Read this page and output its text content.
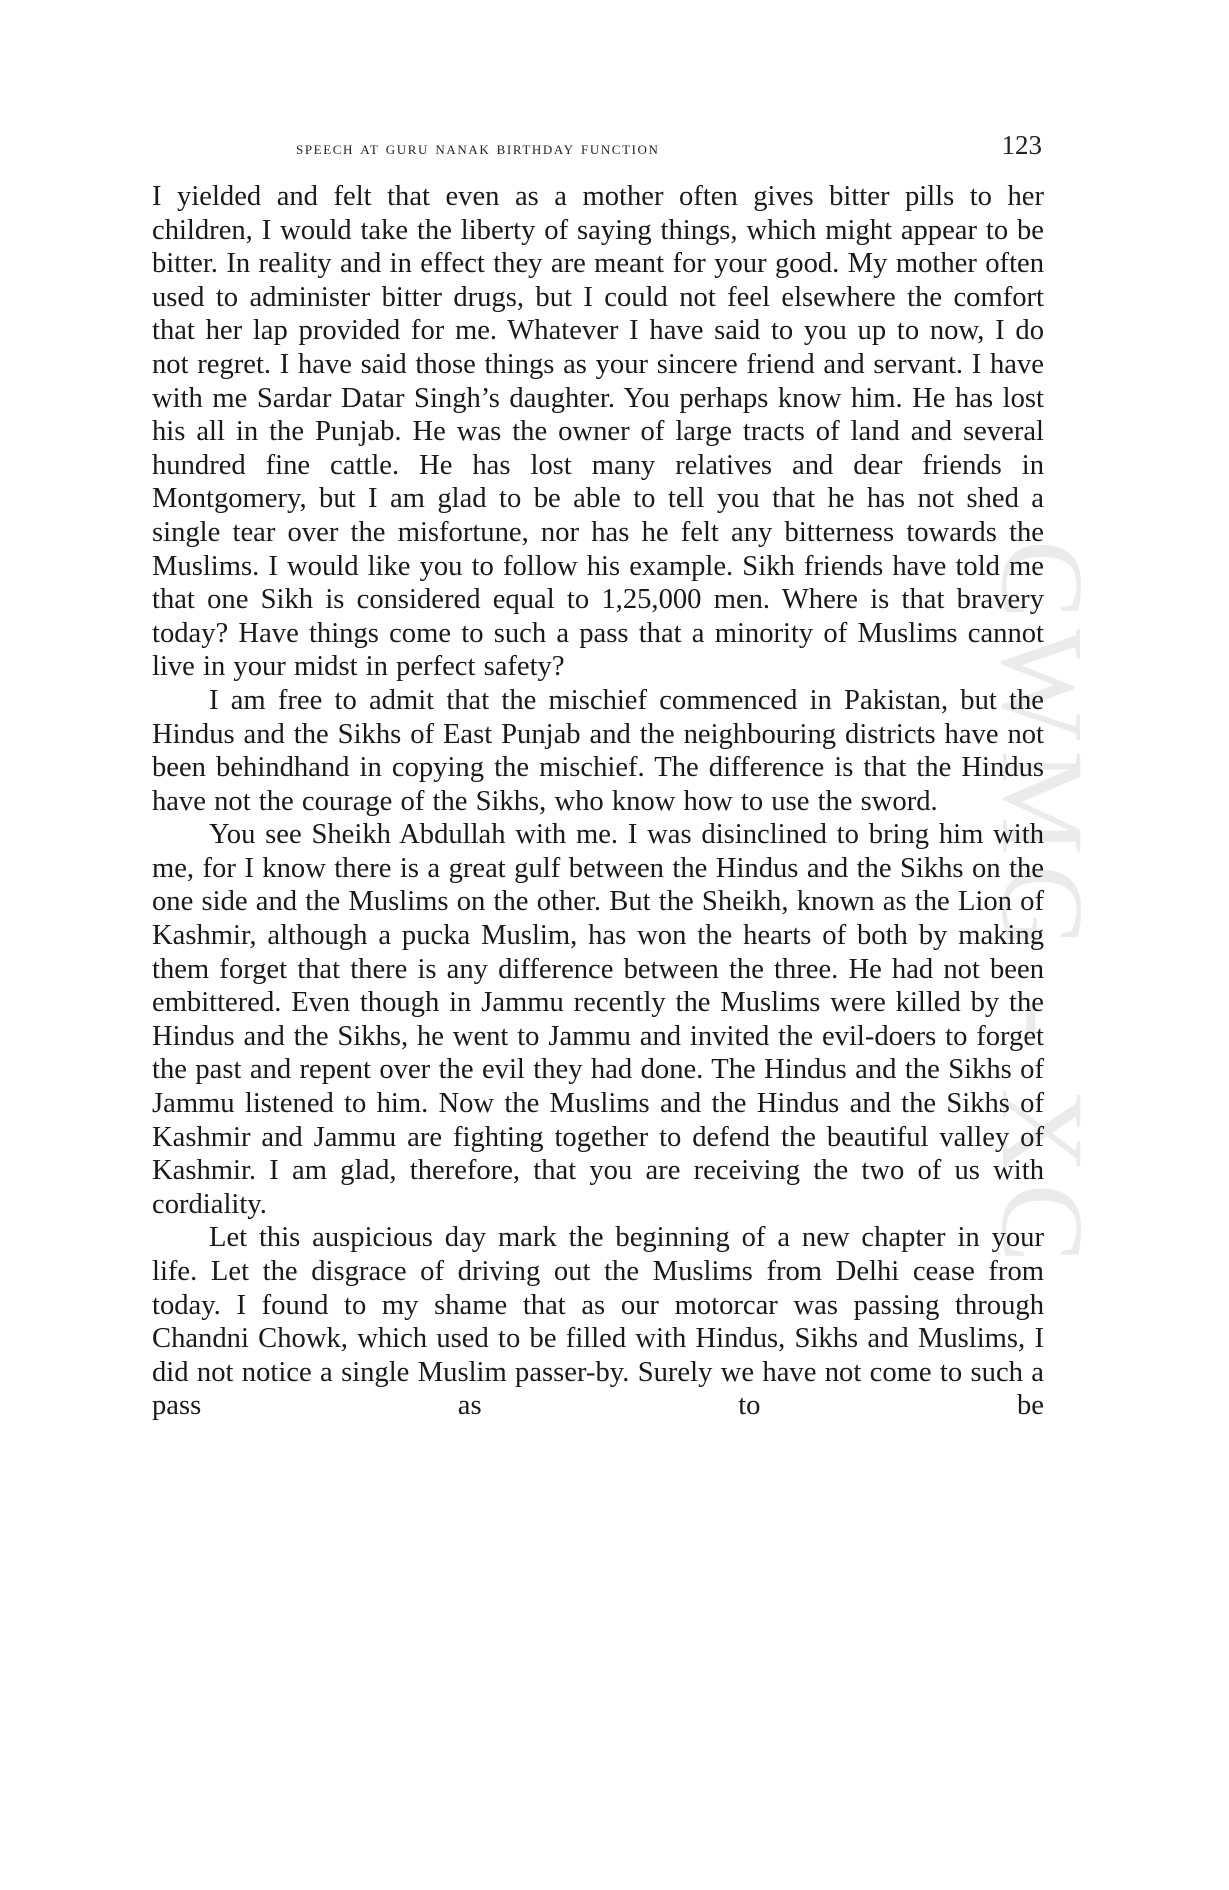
CWMG - XC
speech at guru nanak birthday function	123

I yielded and felt that even as a mother often gives bitter pills to her children, I would take the liberty of saying things, which might appear to be bitter. In reality and in effect they are meant for your good. My mother often used to administer bitter drugs, but I could not feel elsewhere the comfort that her lap provided for me. Whatever I have said to you up to now, I do not regret. I have said those things as your sincere friend and servant. I have with me Sardar Datar Singh’s daughter. You perhaps know him. He has lost his all in the Punjab. He was the owner of large tracts of land and several hundred fine cattle. He has lost many relatives and dear friends in Montgomery, but I am glad to be able to tell you that he has not shed a single tear over the misfortune, nor has he felt any bitterness towards the Muslims. I would like you to follow his example. Sikh friends have told me that one Sikh is considered equal to 1,25,000 men. Where is that bravery today? Have things come to such a pass that a minority of Muslims cannot live in your midst in perfect safety?

I am free to admit that the mischief commenced in Pakistan, but the Hindus and the Sikhs of East Punjab and the neighbouring districts have not been behindhand in copying the mischief. The difference is that the Hindus have not the courage of the Sikhs, who know how to use the sword.

You see Sheikh Abdullah with me. I was disinclined to bring him with me, for I know there is a great gulf between the Hindus and the Sikhs on the one side and the Muslims on the other. But the Sheikh, known as the Lion of Kashmir, although a pucka Muslim, has won the hearts of both by making them forget that there is any difference between the three. He had not been embittered. Even though in Jammu recently the Muslims were killed by the Hindus and the Sikhs, he went to Jammu and invited the evil-doers to forget the past and repent over the evil they had done. The Hindus and the Sikhs of Jammu listened to him. Now the Muslims and the Hindus and the Sikhs of Kashmir and Jammu are fighting together to defend the beautiful valley of Kashmir. I am glad, therefore, that you are receiving the two of us with cordiality.

Let this auspicious day mark the beginning of a new chapter in your life. Let the disgrace of driving out the Muslims from Delhi cease from today. I found to my shame that as our motorcar was passing through Chandni Chowk, which used to be filled with Hindus, Sikhs and Muslims, I did not notice a single Muslim passer-by. Surely we have not come to such a pass as to be
